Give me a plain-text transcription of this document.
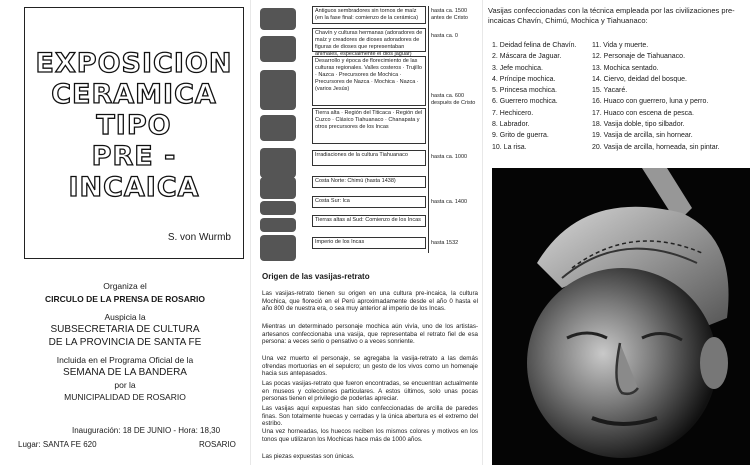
EXPOSICION
CERAMICA TIPO
PRE - INCAICA
S. von Wurmb
Organiza el
CIRCULO DE LA PRENSA DE ROSARIO
Auspicia la
SUBSECRETARIA DE CULTURA
DE LA PROVINCIA DE SANTA FE
Incluida en el Programa Oficial de la
SEMANA DE LA BANDERA
por la
MUNICIPALIDAD DE ROSARIO
Inauguración: 18 DE JUNIO - Hora: 18,30
Lugar: SANTA FE 620	ROSARIO
Antiguos sembradores sin tornos de maíz (en la fase final: comienzo de la cerámica)
hasta ca. 1500 antes de Cristo
Chavín y culturas hermanas (adoradores de maíz y creadores de dioses adoradores de figuras de dioses que representaban animales, especialmente el dios jaguar)
hasta ca. 0
Desarrollo y época de florecimiento de las culturas regionales. Valles costeros · Trujillo · Nazca · Precursores de Mochica · Precursores de Nazca · Mochica · Nazca · (varios Jesús)
hasta ca. 600 después de Cristo
Tierra alta · Región del Titicaca · Región del Cuzco · Clásico Tiahuanaco · Chanapata y otros precursores de los Incas
Irradiaciones de la cultura Tiahuanaco	hasta ca. 1000
Costa Norte: Chimú (hasta 1438)
Costa Sur: Ica	hasta ca. 1400
Tierras altas al Sud: Comienzo de los Incas
Imperio de los Incas	hasta 1532
Origen de las vasijas-retrato
Las vasijas-retrato tienen su origen en una cultura pre-incaica, la cultura Mochica, que floreció en el Perú aproximadamente desde el año 0 hasta el año 800 de nuestra era, o sea muy anterior al imperio de los Incas.
Mientras un determinado personaje mochica aún vivía, uno de los artistas-artesanos confeccionaba una vasija, que representaba el retrato fiel de esa persona: a veces serio o pensativo o a veces sonriente.
Una vez muerto el personaje, se agregaba la vasija-retrato a las demás ofrendas mortuorias en el sepulcro; un gesto de los vivos como un homenaje hacia sus antepasados.
Las pocas vasijas-retrato que fueron encontradas, se encuentran actualmente en museos y colecciones particulares. A estos últimos, solo unas pocas personas tienen el privilegio de poderlas apreciar.
Las vasijas aquí expuestas han sido confeccionadas de arcilla de paredes finas. Son totalmente huecas y cerradas y la única abertura es el extremo del estribo.
Una vez horneadas, los huecos reciben los mismos colores y motivos en los tonos que utilizaron los Mochicas hace más de 1000 años.
Las piezas expuestas son únicas.
Vasijas confeccionadas con la técnica empleada por las civilizaciones pre-incaicas Chavín, Chimú, Mochica y Tiahuanaco:
1. Deidad felina de Chavín.
2. Máscara de Jaguar.
3. Jefe mochica.
4. Príncipe mochica.
5. Princesa mochica.
6. Guerrero mochica.
7. Hechicero.
8. Labrador.
9. Grito de guerra.
10. La risa.
11. Vida y muerte.
12. Personaje de Tiahuanaco.
13. Mochica sentado.
14. Ciervo, deidad del bosque.
15. Yacaré.
16. Huaco con guerrero, luna y perro.
17. Huaco con escena de pesca.
18. Vasija doble, tipo silbador.
19. Vasija de arcilla, sin hornear.
20. Vasija de arcilla, horneada, sin pintar.
